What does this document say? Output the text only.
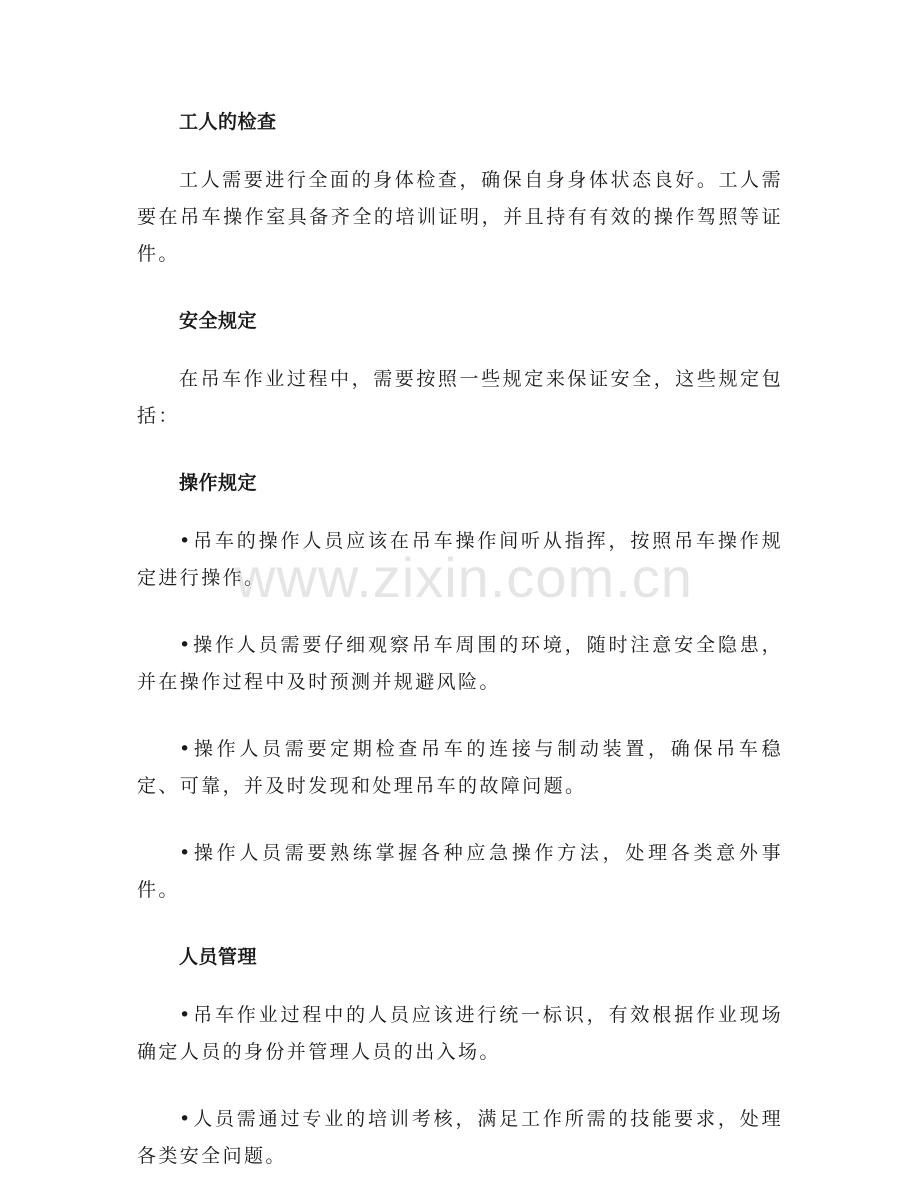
工人的检查

工人需要进行全面的身体检查，确保自身身体状态良好。工人需要在吊车操作室具备齐全的培训证明，并且持有有效的操作驾照等证件。

安全规定

在吊车作业过程中，需要按照一些规定来保证安全，这些规定包括：

操作规定

•吊车的操作人员应该在吊车操作间听从指挥，按照吊车操作规定进行操作。

•操作人员需要仔细观察吊车周围的环境，随时注意安全隐患，并在操作过程中及时预测并规避风险。

•操作人员需要定期检查吊车的连接与制动装置，确保吊车稳定、可靠，并及时发现和处理吊车的故障问题。

•操作人员需要熟练掌握各种应急操作方法，处理各类意外事件。

人员管理

•吊车作业过程中的人员应该进行统一标识，有效根据作业现场确定人员的身份并管理人员的出入场。

•人员需通过专业的培训考核，满足工作所需的技能要求，处理各类安全问题。

www.zixin.com.cn
